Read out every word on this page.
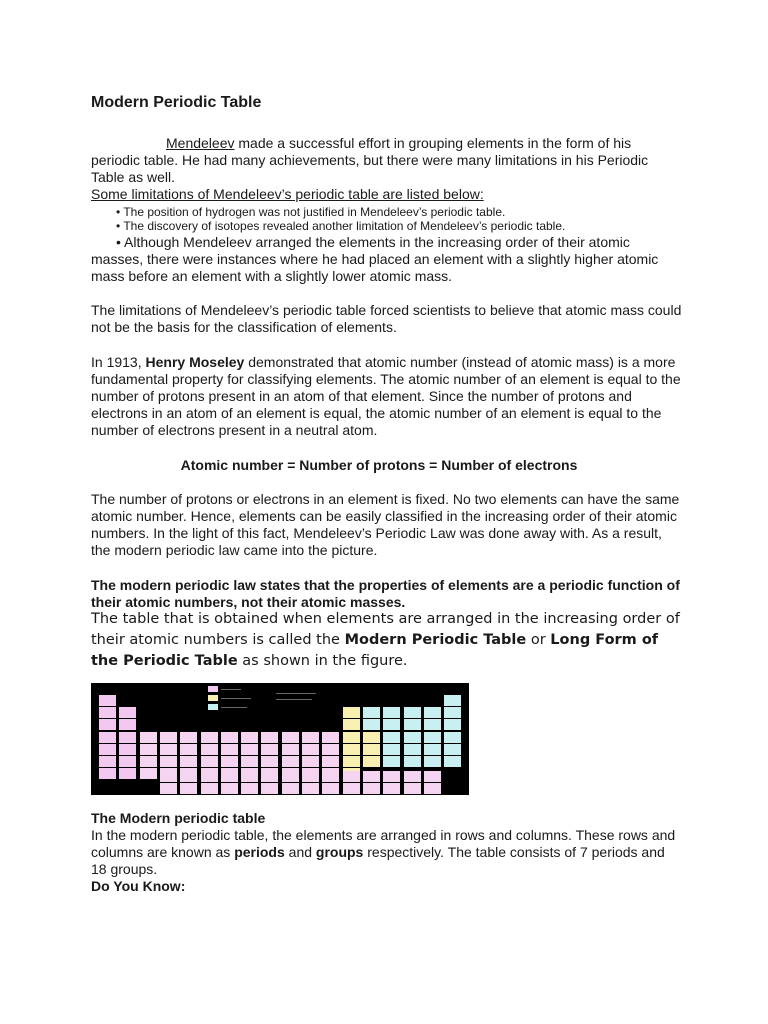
Modern Periodic Table
Mendeleev made a successful effort in grouping elements in the form of his periodic table. He had many achievements, but there were many limitations in his Periodic Table as well.
Some limitations of Mendeleev’s periodic table are listed below:
• The position of hydrogen was not justified in Mendeleev’s periodic table.
• The discovery of isotopes revealed another limitation of Mendeleev’s periodic table.
• Although Mendeleev arranged the elements in the increasing order of their atomic masses, there were instances where he had placed an element with a slightly higher atomic mass before an element with a slightly lower atomic mass.
The limitations of Mendeleev’s periodic table forced scientists to believe that atomic mass could not be the basis for the classification of elements.
In 1913, Henry Moseley demonstrated that atomic number (instead of atomic mass) is a more fundamental property for classifying elements. The atomic number of an element is equal to the number of protons present in an atom of that element. Since the number of protons and electrons in an atom of an element is equal, the atomic number of an element is equal to the number of electrons present in a neutral atom.
Atomic number = Number of protons = Number of electrons
The number of protons or electrons in an element is fixed. No two elements can have the same atomic number. Hence, elements can be easily classified in the increasing order of their atomic numbers. In the light of this fact, Mendeleev’s Periodic Law was done away with. As a result, the modern periodic law came into the picture.
The modern periodic law states that the properties of elements are a periodic function of their atomic numbers, not their atomic masses.
The table that is obtained when elements are arranged in the increasing order of their atomic numbers is called the Modern Periodic Table or Long Form of the Periodic Table as shown in the figure.
The Modern periodic table
In the modern periodic table, the elements are arranged in rows and columns. These rows and columns are known as periods and groups respectively. The table consists of 7 periods and 18 groups.
Do You Know:
